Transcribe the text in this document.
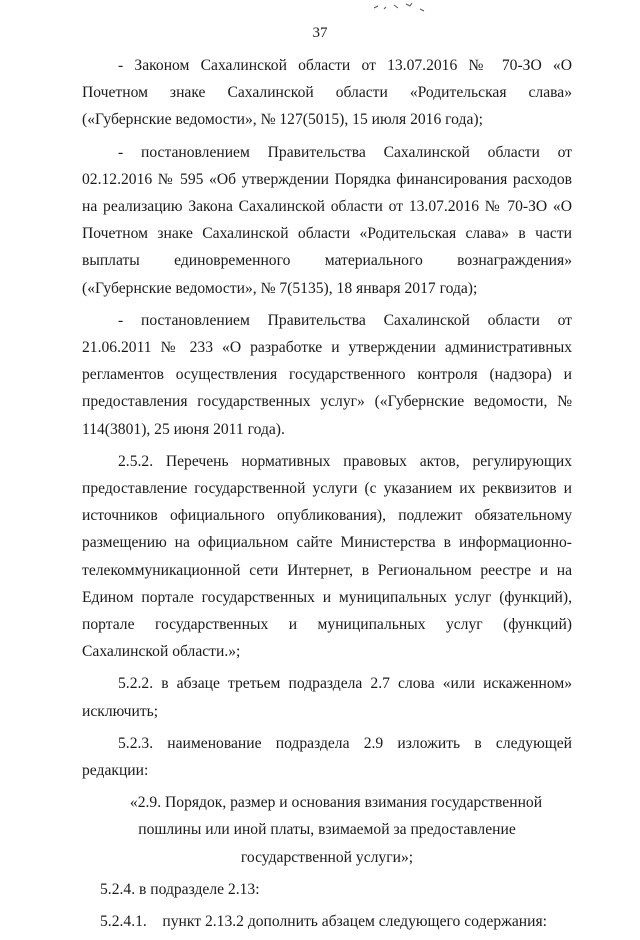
37

- Законом Сахалинской области от 13.07.2016 № 70-ЗО «О Почетном знаке Сахалинской области «Родительская слава» («Губернские ведомости», № 127(5015), 15 июля 2016 года);

- постановлением Правительства Сахалинской области от 02.12.2016 № 595 «Об утверждении Порядка финансирования расходов на реализацию Закона Сахалинской области от 13.07.2016 № 70-ЗО «О Почетном знаке Сахалинской области «Родительская слава» в части выплаты единовременного материального вознаграждения» («Губернские ведомости», № 7(5135), 18 января 2017 года);

- постановлением Правительства Сахалинской области от 21.06.2011 № 233 «О разработке и утверждении административных регламентов осуществления государственного контроля (надзора) и предоставления государственных услуг» («Губернские ведомости, № 114(3801), 25 июня 2011 года).

2.5.2. Перечень нормативных правовых актов, регулирующих предоставление государственной услуги (с указанием их реквизитов и источников официального опубликования), подлежит обязательному размещению на официальном сайте Министерства в информационно-телекоммуникационной сети Интернет, в Региональном реестре и на Едином портале государственных и муниципальных услуг (функций), портале государственных и муниципальных услуг (функций) Сахалинской области.»;

5.2.2. в абзаце третьем подраздела 2.7 слова «или искаженном» исключить;

5.2.3. наименование подраздела 2.9 изложить в следующей редакции:

«2.9. Порядок, размер и основания взимания государственной пошлины или иной платы, взимаемой за предоставление государственной услуги»;

5.2.4. в подразделе 2.13:

5.2.4.1.    пункт 2.13.2 дополнить абзацем следующего содержания:
